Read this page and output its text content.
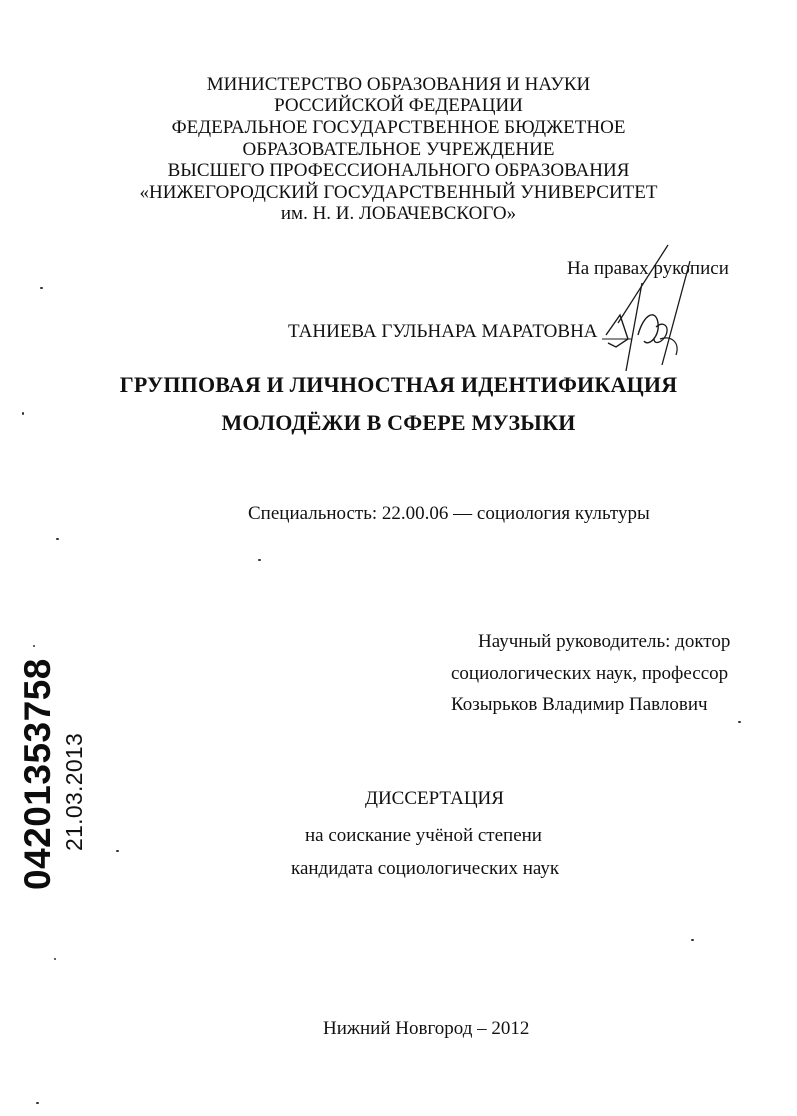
МИНИСТЕРСТВО ОБРАЗОВАНИЯ И НАУКИ
РОССИЙСКОЙ ФЕДЕРАЦИИ
ФЕДЕРАЛЬНОЕ ГОСУДАРСТВЕННОЕ БЮДЖЕТНОЕ
ОБРАЗОВАТЕЛЬНОЕ УЧРЕЖДЕНИЕ
ВЫСШЕГО ПРОФЕССИОНАЛЬНОГО ОБРАЗОВАНИЯ
«НИЖЕГОРОДСКИЙ ГОСУДАРСТВЕННЫЙ УНИВЕРСИТЕТ
им. Н. И. ЛОБАЧЕВСКОГО»
На правах рукописи
ТАНИЕВА ГУЛЬНАРА МАРАТОВНА
ГРУППОВАЯ И ЛИЧНОСТНАЯ ИДЕНТИФИКАЦИЯ
МОЛОДЁЖИ В СФЕРЕ МУЗЫКИ
Специальность: 22.00.06 — социология культуры
Научный руководитель: доктор
социологических наук, профессор
Козырьков Владимир Павлович
ДИССЕРТАЦИЯ
на соискание учёной степени
кандидата социологических наук
Нижний Новгород – 2012
04201353758 21.03.2013
